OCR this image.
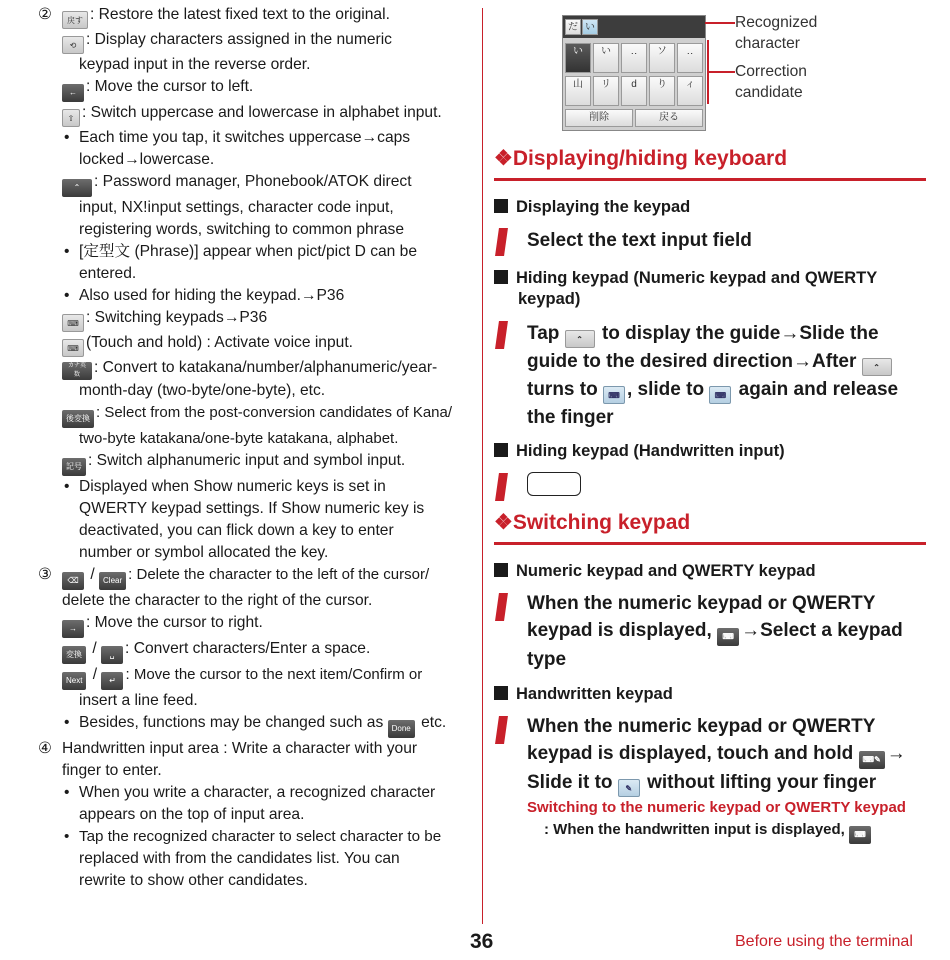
② 戻す : Restore the latest fixed text to the original.
⟲ : Display characters assigned in the numeric
keypad input in the reverse order.
← : Move the cursor to left.
⇧ : Switch uppercase and lowercase in alphabet input.
• Each time you tap, it switches uppercase→caps
locked→lowercase.
⌃ : Password manager, Phonebook/ATOK direct
input, NX!input settings, character code input,
registering words, switching to common phrase
• [定型文 (Phrase)] appear when pict/pict D can be
entered.
• Also used for hiding the keypad.→P36
⌨ : Switching keypads→P36
⌨ (Touch and hold) : Activate voice input.
カナ英数 : Convert to katakana/number/alphanumeric/year-
month-day (two-byte/one-byte), etc.
後変換 : Select from the post-conversion candidates of Kana/
two-byte katakana/one-byte katakana, alphabet.
記号 : Switch alphanumeric input and symbol input.
• Displayed when Show numeric keys is set in
QWERTY keypad settings. If Show numeric key is
deactivated, you can flick down a key to enter
number or symbol allocated the key.
③ ⌫ / Clear : Delete the character to the left of the cursor/
delete the character to the right of the cursor.
→ : Move the cursor to right.
変換 / ␣ : Convert characters/Enter a space.
Next / ↵ : Move the cursor to the next item/Confirm or
insert a line feed.
• Besides, functions may be changed such as Done etc.
④ Handwritten input area : Write a character with your
finger to enter.
• When you write a character, a recognized character
appears on the top of input area.
• Tap the recognized character to select character to be
replaced with from the candidates list. You can
rewrite to show other candidates.
だ い
い	い	‥	ソ	‥
山	リ	d	り	ィ
削除	戻る
Recognized
character
Correction
candidate
❖Displaying/hiding keyboard
Displaying the keypad
Select the text input field
Hiding keypad (Numeric keypad and QWERTY
keypad)
Tap ⌃ to display the guide→Slide the
guide to the desired direction→After ⌃
turns to ⌨ , slide to ⌨ again and release
the finger
Hiding keypad (Handwritten input)
❖Switching keypad
Numeric keypad and QWERTY keypad
When the numeric keypad or QWERTY
keypad is displayed, ⌨ →Select a keypad
type
Handwritten keypad
When the numeric keypad or QWERTY
keypad is displayed, touch and hold ⌨✎ →
Slide it to ✎ without lifting your finger
Switching to the numeric keypad or QWERTY keypad
: When the handwritten input is displayed, ⌨
36	Before using the terminal
